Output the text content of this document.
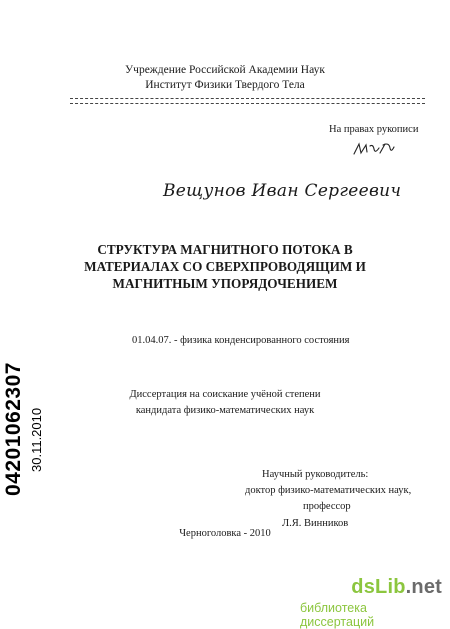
Учреждение Российской Академии Наук
Институт Физики Твердого Тела
На правах рукописи
Вещунов Иван Сергеевич
СТРУКТУРА МАГНИТНОГО ПОТОКА В
МАТЕРИАЛАХ СО СВЕРХПРОВОДЯЩИМ И
МАГНИТНЫМ УПОРЯДОЧЕНИЕМ
01.04.07. - физика конденсированного состояния
Диссертация на соискание учёной степени
кандидата физико-математических наук
Научный руководитель:
доктор физико-математических наук,
профессор
Л.Я. Винников
Черноголовка - 2010
04201062307 30.11.2010
dsLib.net
библиотека диссертаций
